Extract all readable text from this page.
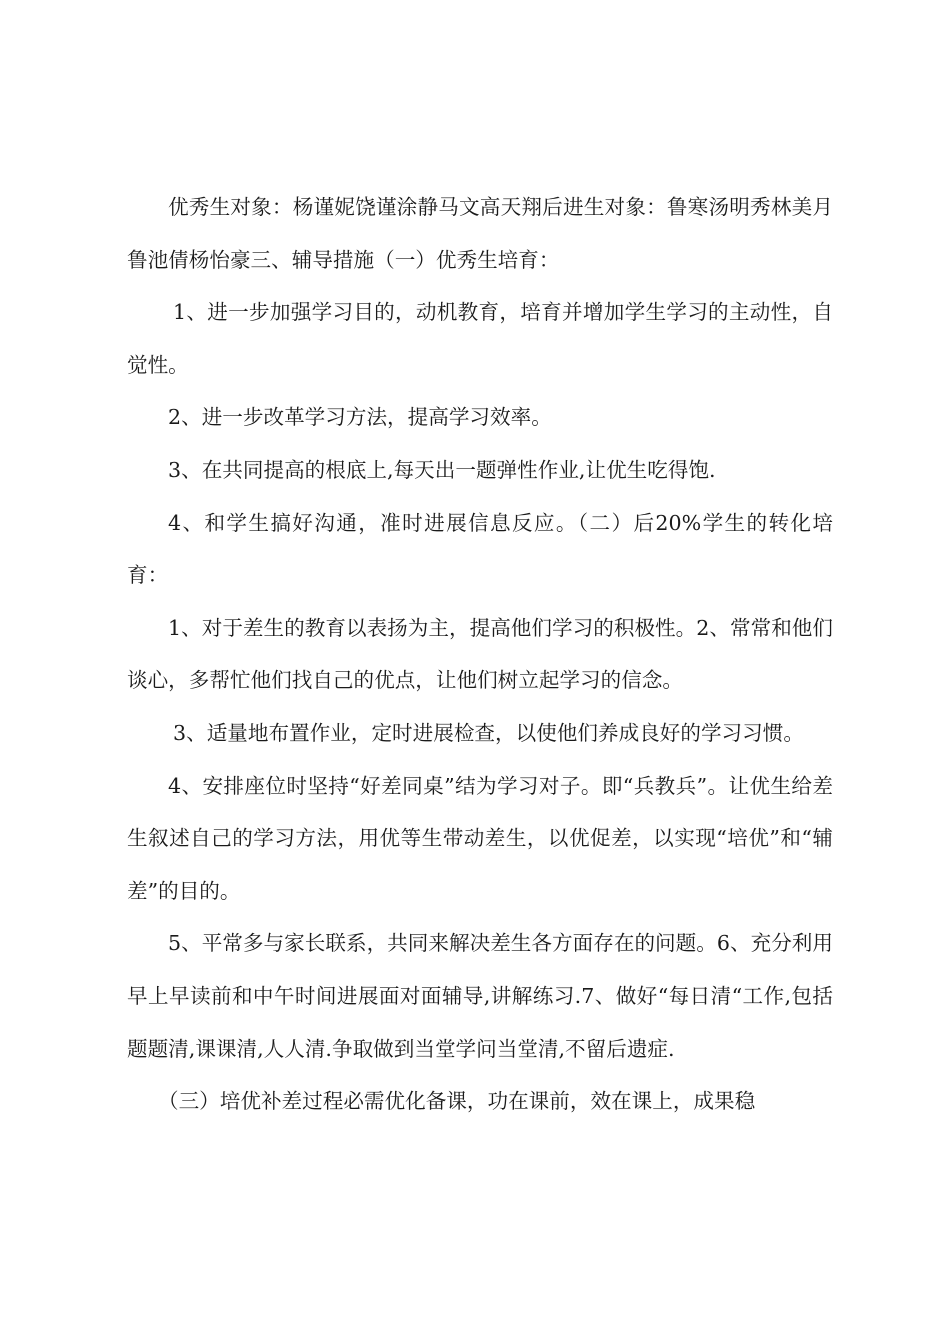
优秀生对象：杨谨妮饶谨涂静马文高天翔后进生对象：鲁寒汤明秀林美月鲁池倩杨怡豪三、辅导措施（一）优秀生培育：

1、进一步加强学习目的，动机教育，培育并增加学生学习的主动性，自觉性。

2、进一步改革学习方法，提高学习效率。

3、在共同提高的根底上,每天出一题弹性作业,让优生吃得饱.

4、和学生搞好沟通，准时进展信息反应。（二）后20%学生的转化培育：

1、对于差生的教育以表扬为主，提高他们学习的积极性。2、常常和他们谈心，多帮忙他们找自己的优点，让他们树立起学习的信念。

3、适量地布置作业，定时进展检查，以使他们养成良好的学习习惯。

4、安排座位时坚持“好差同桌”结为学习对子。即“兵教兵”。让优生给差生叙述自己的学习方法，用优等生带动差生，以优促差，以实现“培优”和“辅差”的目的。

5、平常多与家长联系，共同来解决差生各方面存在的问题。6、充分利用早上早读前和中午时间进展面对面辅导,讲解练习.7、做好“每日清“工作,包括题题清,课课清,人人清.争取做到当堂学问当堂清,不留后遗症.

（三）培优补差过程必需优化备课，功在课前，效在课上，成果稳
